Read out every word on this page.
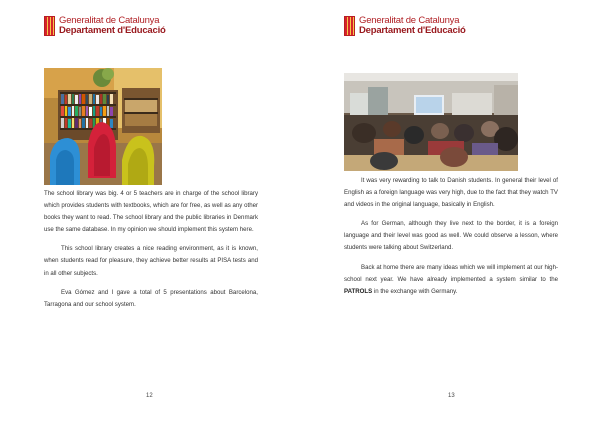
Generalitat de Catalunya
Departament d'Educació

The school library was big. 4 or 5 teachers are in charge of the school library which provides students with textbooks, which are for free, as well as any other books they want to read. The school library and the public libraries in Denmark use the same database. In my opinion we should implement this system here.

This school library creates a nice reading environment, as it is known, when students read for pleasure, they achieve better results at PISA tests and in all other subjects.

Eva Gómez and I gave a total of 5 presentations about Barcelona, Tarragona and our school system.

12
Generalitat de Catalunya
Departament d'Educació

It was very rewarding to talk to Danish students. In general their level of English as a foreign language was very high, due to the fact that they watch TV and videos in the original language, basically in English.

As for German, although they live next to the border, it is a foreign language and their level was good as well. We could observe a lesson, where students were talking about Switzerland.

Back at home there are many ideas which we will implement at our high-school next year. We have already implemented a system similar to the PATROLS in the exchange with Germany.

13
